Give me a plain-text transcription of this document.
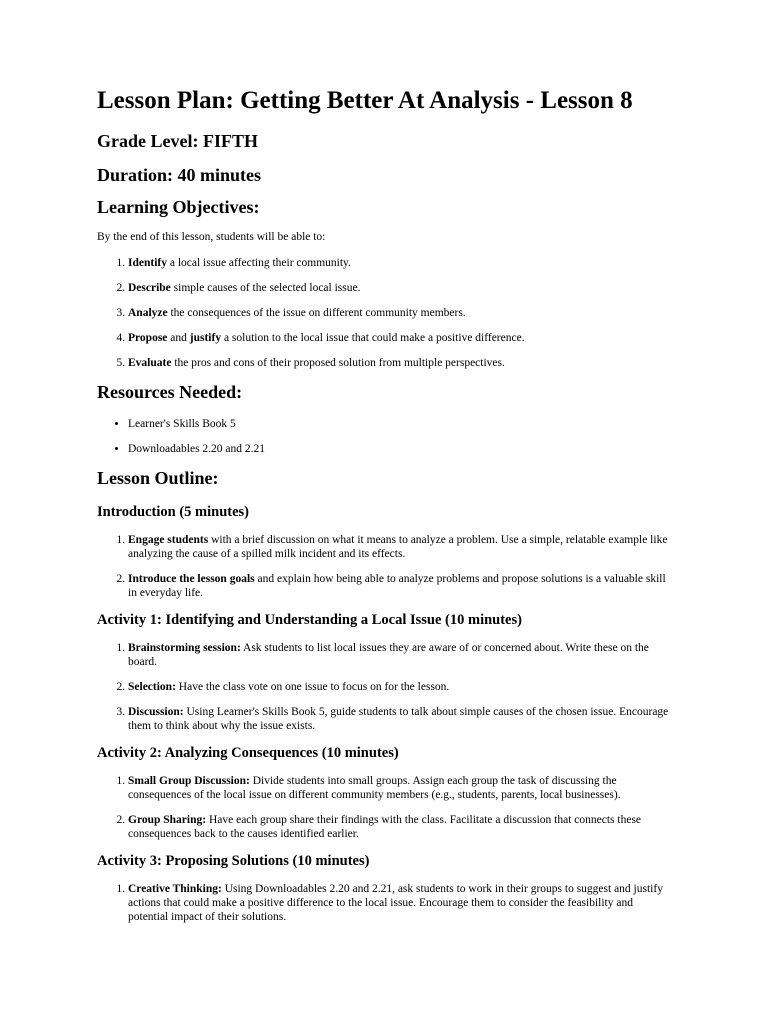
Lesson Plan: Getting Better At Analysis - Lesson 8
Grade Level: FIFTH
Duration: 40 minutes
Learning Objectives:

By the end of this lesson, students will be able to:

1. Identify a local issue affecting their community.
2. Describe simple causes of the selected local issue.
3. Analyze the consequences of the issue on different community members.
4. Propose and justify a solution to the local issue that could make a positive difference.
5. Evaluate the pros and cons of their proposed solution from multiple perspectives.
Resources Needed:
• Learner's Skills Book 5
• Downloadables 2.20 and 2.21
Lesson Outline:
Introduction (5 minutes)
1. Engage students with a brief discussion on what it means to analyze a problem. Use a simple, relatable example like analyzing the cause of a spilled milk incident and its effects.
2. Introduce the lesson goals and explain how being able to analyze problems and propose solutions is a valuable skill in everyday life.
Activity 1: Identifying and Understanding a Local Issue (10 minutes)
1. Brainstorming session: Ask students to list local issues they are aware of or concerned about. Write these on the board.
2. Selection: Have the class vote on one issue to focus on for the lesson.
3. Discussion: Using Learner's Skills Book 5, guide students to talk about simple causes of the chosen issue. Encourage them to think about why the issue exists.
Activity 2: Analyzing Consequences (10 minutes)
1. Small Group Discussion: Divide students into small groups. Assign each group the task of discussing the consequences of the local issue on different community members (e.g., students, parents, local businesses).
2. Group Sharing: Have each group share their findings with the class. Facilitate a discussion that connects these consequences back to the causes identified earlier.
Activity 3: Proposing Solutions (10 minutes)
1. Creative Thinking: Using Downloadables 2.20 and 2.21, ask students to work in their groups to suggest and justify actions that could make a positive difference to the local issue. Encourage them to consider the feasibility and potential impact of their solutions.
